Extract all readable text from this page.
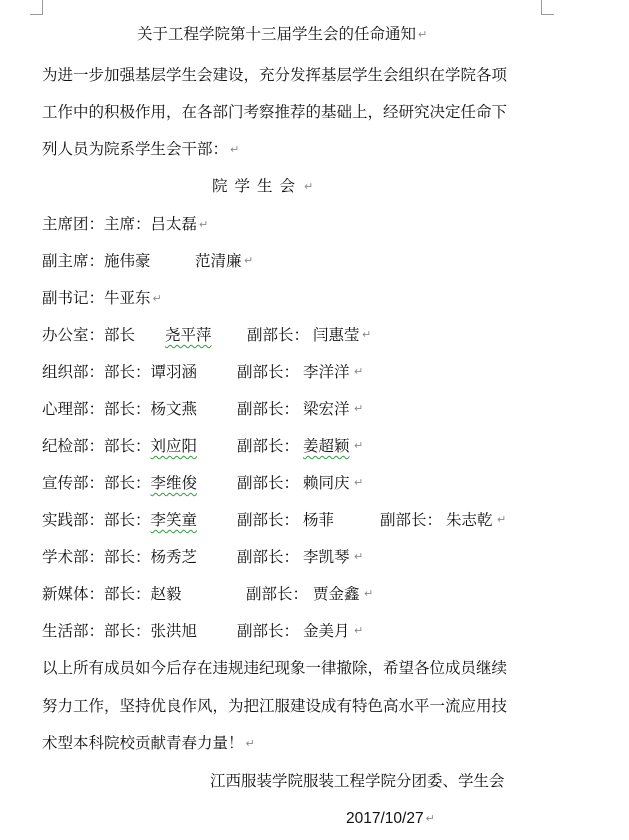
关于工程学院第十三届学生会的任命通知 ↵
为进一步加强基层学生会建设，充分发挥基层学生会组织在学院各项
工作中的积极作用，在各部门考察推荐的基础上，经研究决定任命下
列人员为院系学生会干部： ↵
院学生会 ↵
主席团：主席：吕太磊 ↵
副主席：施伟豪	范清廉 ↵
副书记：牛亚东 ↵
办公室：部长 尧平萍 副部长： 闫惠莹 ↵
组织部：部长：谭羽涵	副部长： 李洋洋 ↵
心理部：部长：杨文燕	副部长： 梁宏洋 ↵
纪检部：部长：刘应阳	副部长： 姜超颖 ↵
宣传部：部长：李维俊	副部长： 赖同庆 ↵
实践部：部长：李笑童	副部长： 杨菲	副部长： 朱志乾 ↵
学术部：部长：杨秀芝	副部长： 李凯琴 ↵
新媒体：部长：赵毅	副部长： 贾金鑫 ↵
生活部：部长：张洪旭	副部长： 金美月 ↵
以上所有成员如今后存在违规违纪现象一律撤除，希望各位成员继续
努力工作，坚持优良作风，为把江服建设成有特色高水平一流应用技
术型本科院校贡献青春力量！ ↵
江西服装学院服装工程学院分团委、学生会
2017/10/27 ↵
